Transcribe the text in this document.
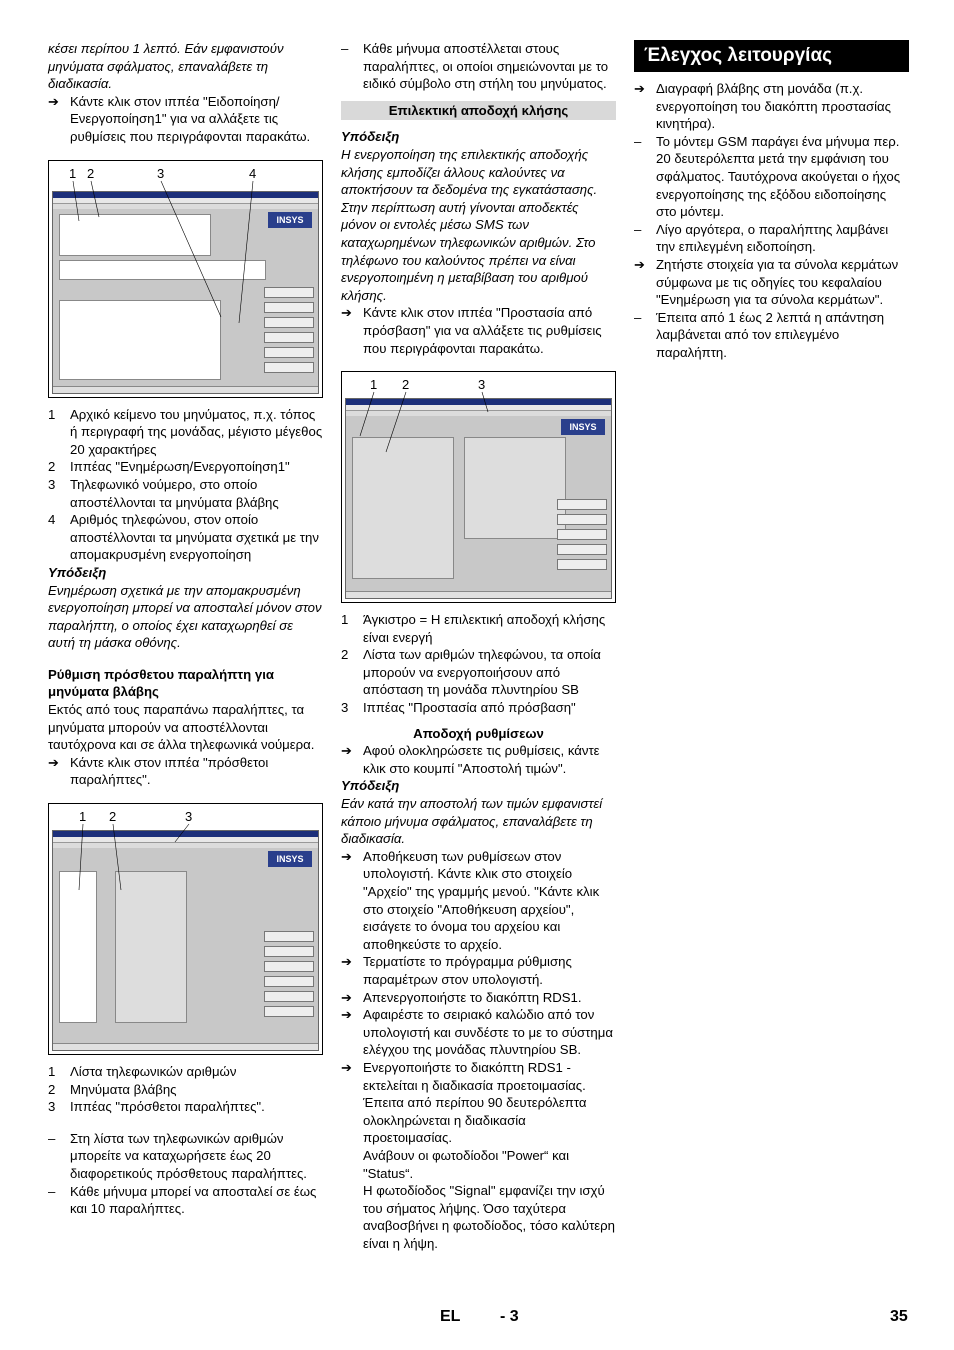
κέσει περίπου 1 λεπτό. Εάν εμφανιστούν μηνύματα σφάλματος, επαναλάβετε τη διαδικασία.

➔ Κάντε κλικ στον ιππέα "Ειδοποίηση/ Ενεργοποίηση1" για να αλλάξετε τις ρυθμίσεις που περιγράφονται παρακάτω.
1 2	3	4
INSYS
1	Αρχικό κείμενο του μηνύματος, π.χ. τόπος ή περιγραφή της μονάδας, μέγιστο μέγεθος 20 χαρακτήρες
2	Ιππέας "Ενημέρωση/Ενεργοποίηση1"
3	Τηλεφωνικό νούμερο, στο οποίο αποστέλλονται τα μηνύματα βλάβης
4	Αριθμός τηλεφώνου, στον οποίο αποστέλλονται τα μηνύματα σχετικά με την απομακρυσμένη ενεργοποίηση

Υπόδειξη

Ενημέρωση σχετικά με την απομακρυσμένη ενεργοποίηση μπορεί να αποσταλεί μόνον στον παραλήπτη, ο οποίος έχει καταχωρηθεί σε αυτή τη μάσκα οθόνης.

Ρύθμιση πρόσθετου παραλήπτη για μηνύματα βλάβης

Εκτός από τους παραπάνω παραλήπτες, τα μηνύματα μπορούν να αποστέλλονται ταυτόχρονα και σε άλλα τηλεφωνικά νούμερα.

➔ Κάντε κλικ στον ιππέα "πρόσθετοι παραλήπτες".
1 2	3
INSYS
1	Λίστα τηλεφωνικών αριθμών
2	Μηνύματα βλάβης
3	Ιππέας "πρόσθετοι παραλήπτες".
–	Στη λίστα των τηλεφωνικών αριθμών μπορείτε να καταχωρήσετε έως 20 διαφορετικούς πρόσθετους παραλήπτες.
–	Κάθε μήνυμα μπορεί να αποσταλεί σε έως και 10 παραλήπτες.
–	Κάθε μήνυμα αποστέλλεται στους παραλήπτες, οι οποίοι σημειώνονται με το ειδικό σύμβολο στη στήλη του μηνύματος.

Επιλεκτική αποδοχή κλήσης

Υπόδειξη

Η ενεργοποίηση της επιλεκτικής αποδοχής κλήσης εμποδίζει άλλους καλούντες να αποκτήσουν τα δεδομένα της εγκατάστασης. Στην περίπτωση αυτή γίνονται αποδεκτές μόνον οι εντολές μέσω SMS των καταχωρημένων τηλεφωνικών αριθμών. Στο τηλέφωνο του καλούντος πρέπει να είναι ενεργοποιημένη η μεταβίβαση του αριθμού κλήσης.

➔ Κάντε κλικ στον ιππέα "Προστασία από πρόσβαση" για να αλλάξετε τις ρυθμίσεις που περιγράφονται παρακάτω.
1 2	3
INSYS
1	Άγκιστρο = Η επιλεκτική αποδοχή κλήσης είναι ενεργή
2	Λίστα των αριθμών τηλεφώνου, τα οποία μπορούν να ενεργοποιήσουν από απόσταση τη μονάδα πλυντηρίου SB
3	Ιππέας "Προστασία από πρόσβαση"

Αποδοχή ρυθμίσεων

➔ Αφού ολοκληρώσετε τις ρυθμίσεις, κάντε κλικ στο κουμπί "Αποστολή τιμών".

Υπόδειξη

Εάν κατά την αποστολή των τιμών εμφανιστεί κάποιο μήνυμα σφάλματος, επαναλάβετε τη διαδικασία.

➔ Αποθήκευση των ρυθμίσεων στον υπολογιστή. Κάντε κλικ στο στοιχείο "Αρχείο" της γραμμής μενού. "Κάντε κλικ στο στοιχείο "Αποθήκευση αρχείου", εισάγετε το όνομα του αρχείου και αποθηκεύστε το αρχείο.
➔ Τερματίστε το πρόγραμμα ρύθμισης παραμέτρων στον υπολογιστή.
➔ Απενεργοποιήστε το διακόπτη RDS1.
➔ Αφαιρέστε το σειριακό καλώδιο από τον υπολογιστή και συνδέστε το με το σύστημα ελέγχου της μονάδας πλυντηρίου SB.
➔ Ενεργοποιήστε το διακόπτη RDS1 - εκτελείται η διαδικασία προετοιμασίας.

Έπειτα από περίπου 90 δευτερόλεπτα ολοκληρώνεται η διαδικασία προετοιμασίας.

Ανάβουν οι φωτοδίοδοι "Power“ και "Status“.

Η φωτοδίοδος "Signal" εμφανίζει την ισχύ του σήματος λήψης. Όσο ταχύτερα αναβοσβήνει η φωτοδίοδος, τόσο καλύτερη είναι η λήψη.

Έλεγχος λειτουργίας
➔ Διαγραφή βλάβης στη μονάδα (π.χ. ενεργοποίηση του διακόπτη προστασίας κινητήρα).
–	Το μόντεμ GSM παράγει ένα μήνυμα περ. 20 δευτερόλεπτα μετά την εμφάνιση του σφάλματος. Ταυτόχρονα ακούγεται ο ήχος ενεργοποίησης της εξόδου ειδοποίησης στο μόντεμ.
–	Λίγο αργότερα, ο παραλήπτης λαμβάνει την επιλεγμένη ειδοποίηση.
➔ Ζητήστε στοιχεία για τα σύνολα κερμάτων σύμφωνα με τις οδηγίες του κεφαλαίου "Ενημέρωση για τα σύνολα κερμάτων".
–	Έπειτα από 1 έως 2 λεπτά η απάντηση λαμβάνεται από τον επιλεγμένο παραλήπτη.
EL - 3	35
